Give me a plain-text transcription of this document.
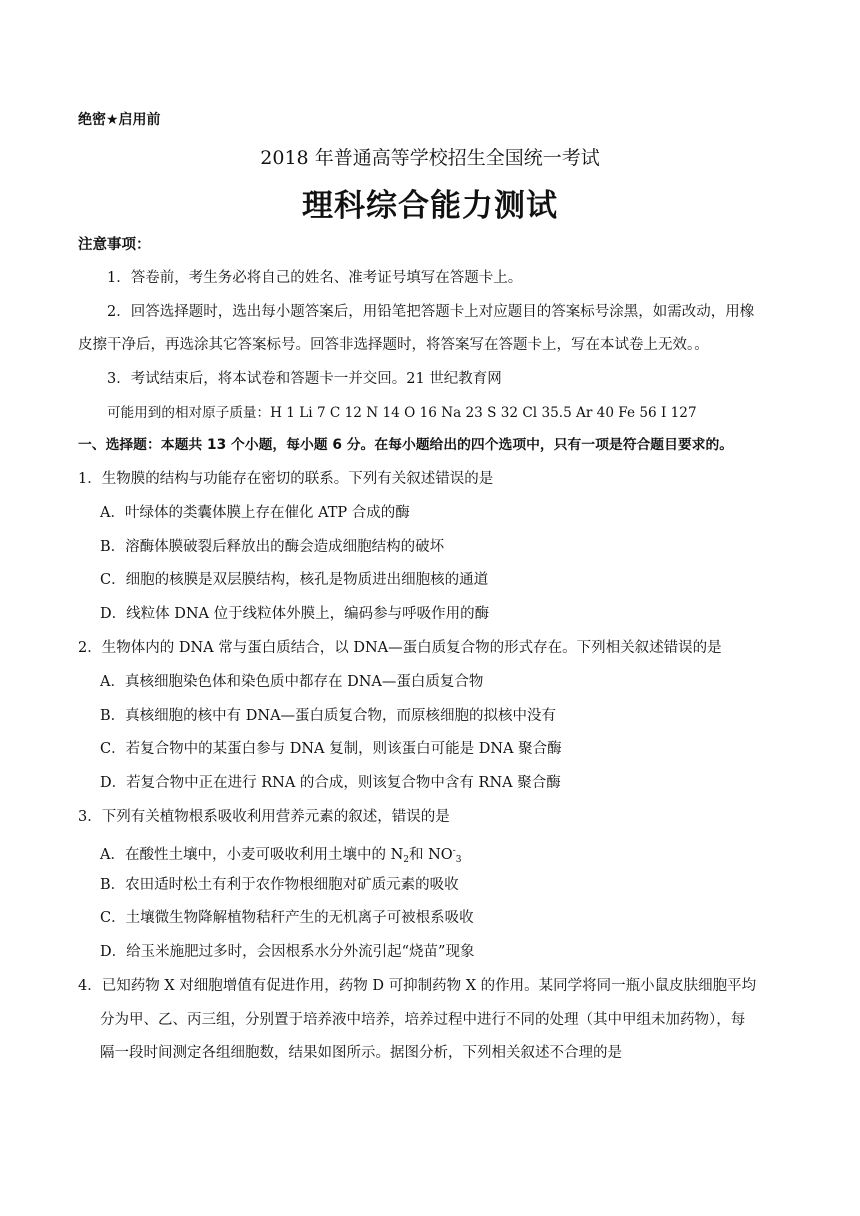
绝密★启用前
2018 年普通高等学校招生全国统一考试
理科综合能力测试
注意事项：
1．答卷前，考生务必将自己的姓名、准考证号填写在答题卡上。
2．回答选择题时，选出每小题答案后，用铅笔把答题卡上对应题目的答案标号涂黑，如需改动，用橡
皮擦干净后，再选涂其它答案标号。回答非选择题时，将答案写在答题卡上，写在本试卷上无效。。
3．考试结束后，将本试卷和答题卡一并交回。21 世纪教育网
可能用到的相对原子质量：H 1 Li 7 C 12 N 14 O 16 Na 23 S 32 Cl 35.5 Ar 40 Fe 56 I 127
一、选择题：本题共 13 个小题，每小题 6 分。在每小题给出的四个选项中，只有一项是符合题目要求的。
1．生物膜的结构与功能存在密切的联系。下列有关叙述错误的是
A．叶绿体的类囊体膜上存在催化 ATP 合成的酶
B．溶酶体膜破裂后释放出的酶会造成细胞结构的破坏
C．细胞的核膜是双层膜结构，核孔是物质进出细胞核的通道
D．线粒体 DNA 位于线粒体外膜上，编码参与呼吸作用的酶
2．生物体内的 DNA 常与蛋白质结合，以 DNA—蛋白质复合物的形式存在。下列相关叙述错误的是
A．真核细胞染色体和染色质中都存在 DNA—蛋白质复合物
B．真核细胞的核中有 DNA—蛋白质复合物，而原核细胞的拟核中没有
C．若复合物中的某蛋白参与 DNA 复制，则该蛋白可能是 DNA 聚合酶
D．若复合物中正在进行 RNA 的合成，则该复合物中含有 RNA 聚合酶
3．下列有关植物根系吸收利用营养元素的叙述，错误的是
A．在酸性土壤中，小麦可吸收利用土壤中的 $N_2$和 $NO^-_3$
B．农田适时松土有利于农作物根细胞对矿质元素的吸收
C．土壤微生物降解植物秸秆产生的无机离子可被根系吸收
D．给玉米施肥过多时，会因根系水分外流引起“烧苗”现象
4．已知药物 X 对细胞增值有促进作用，药物 D 可抑制药物 X 的作用。某同学将同一瓶小鼠皮肤细胞平均
分为甲、乙、丙三组，分别置于培养液中培养，培养过程中进行不同的处理（其中甲组未加药物），每
隔一段时间测定各组细胞数，结果如图所示。据图分析，下列相关叙述不合理的是
